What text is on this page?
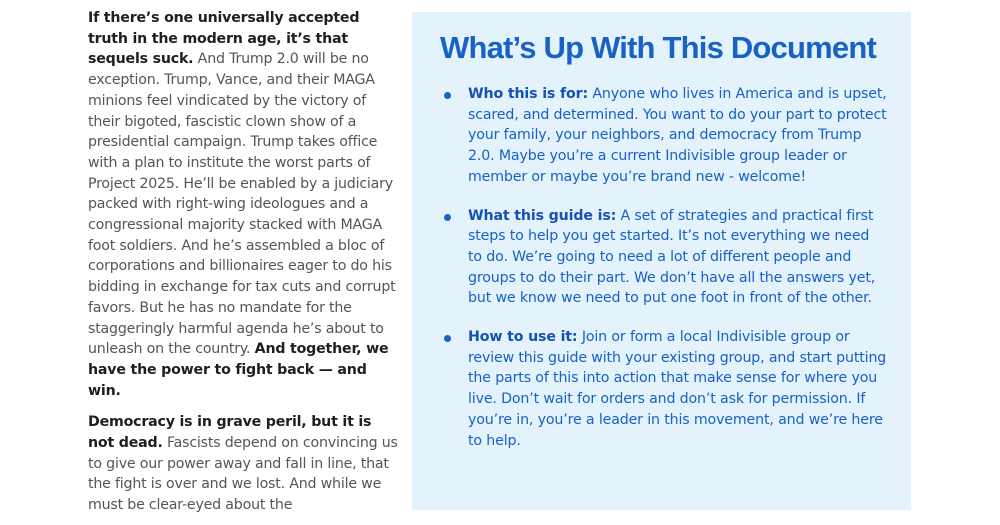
If there’s one universally accepted truth in the modern age, it’s that sequels suck. And Trump 2.0 will be no exception. Trump, Vance, and their MAGA minions feel vindicated by the victory of their bigoted, fascistic clown show of a presidential campaign. Trump takes office with a plan to institute the worst parts of Project 2025. He’ll be enabled by a judiciary packed with right-wing ideologues and a congressional majority stacked with MAGA foot soldiers. And he’s assembled a bloc of corporations and billionaires eager to do his bidding in exchange for tax cuts and corrupt favors. But he has no mandate for the staggeringly harmful agenda he’s about to unleash on the country. And together, we have the power to fight back — and win.

Democracy is in grave peril, but it is not dead. Fascists depend on convincing us to give our power away and fall in line, that the fight is over and we lost. And while we must be clear-eyed about the

What’s Up With This Document
Who this is for: Anyone who lives in America and is upset, scared, and determined. You want to do your part to protect your family, your neighbors, and democracy from Trump 2.0. Maybe you’re a current Indivisible group leader or member or maybe you’re brand new - welcome!
What this guide is: A set of strategies and practical first steps to help you get started. It’s not everything we need to do. We’re going to need a lot of different people and groups to do their part. We don’t have all the answers yet, but we know we need to put one foot in front of the other.
How to use it: Join or form a local Indivisible group or review this guide with your existing group, and start putting the parts of this into action that make sense for where you live. Don’t wait for orders and don’t ask for permission. If you’re in, you’re a leader in this movement, and we’re here to help.
